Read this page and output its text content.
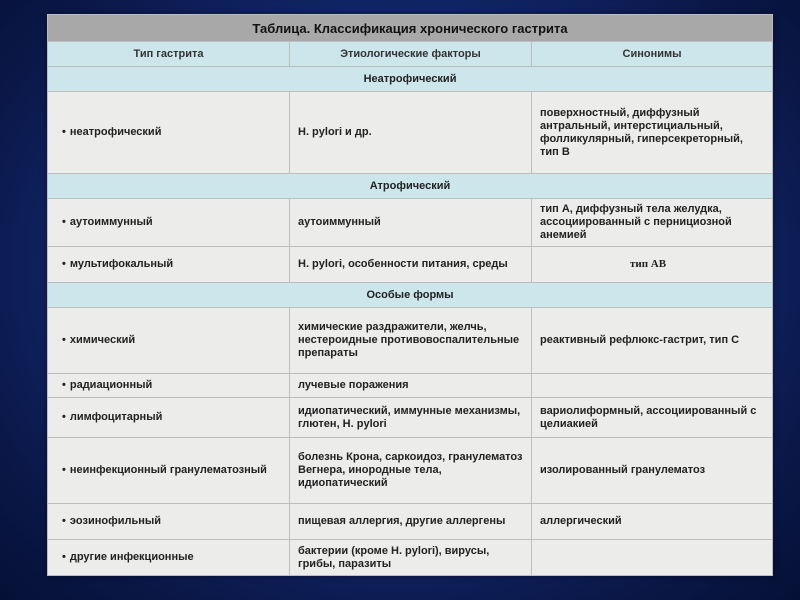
Таблица. Классификация хронического гастрита		
Тип гастрита	Этиологические факторы	Синонимы
Неатрофический		
• неатрофический	H. pylori и др.	поверхностный, диффузный антральный, интерстициальный, фолликулярный, гиперсекреторный, тип В
Атрофический		
• аутоиммунный	аутоиммунный	тип А, диффузный тела желудка, ассоциированный с пернициозной анемией
• мультифокальный	H. pylori, особенности питания, среды	тип АВ
Особые формы		
• химический	химические раздражители, желчь, нестероидные противовоспалительные препараты	реактивный рефлюкс-гастрит, тип С
• радиационный	лучевые поражения	
• лимфоцитарный	идиопатический, иммунные механизмы, глютен, H. pylori	вариолиформный, ассоциированный с целиакией
• неинфекционный гранулематозный	болезнь Крона, саркоидоз, гранулематоз Вегнера, инородные тела, идиопатический	изолированный гранулематоз
• эозинофильный	пищевая аллергия, другие аллергены	аллергический
• другие инфекционные	бактерии (кроме H. pylori), вирусы, грибы, паразиты	
